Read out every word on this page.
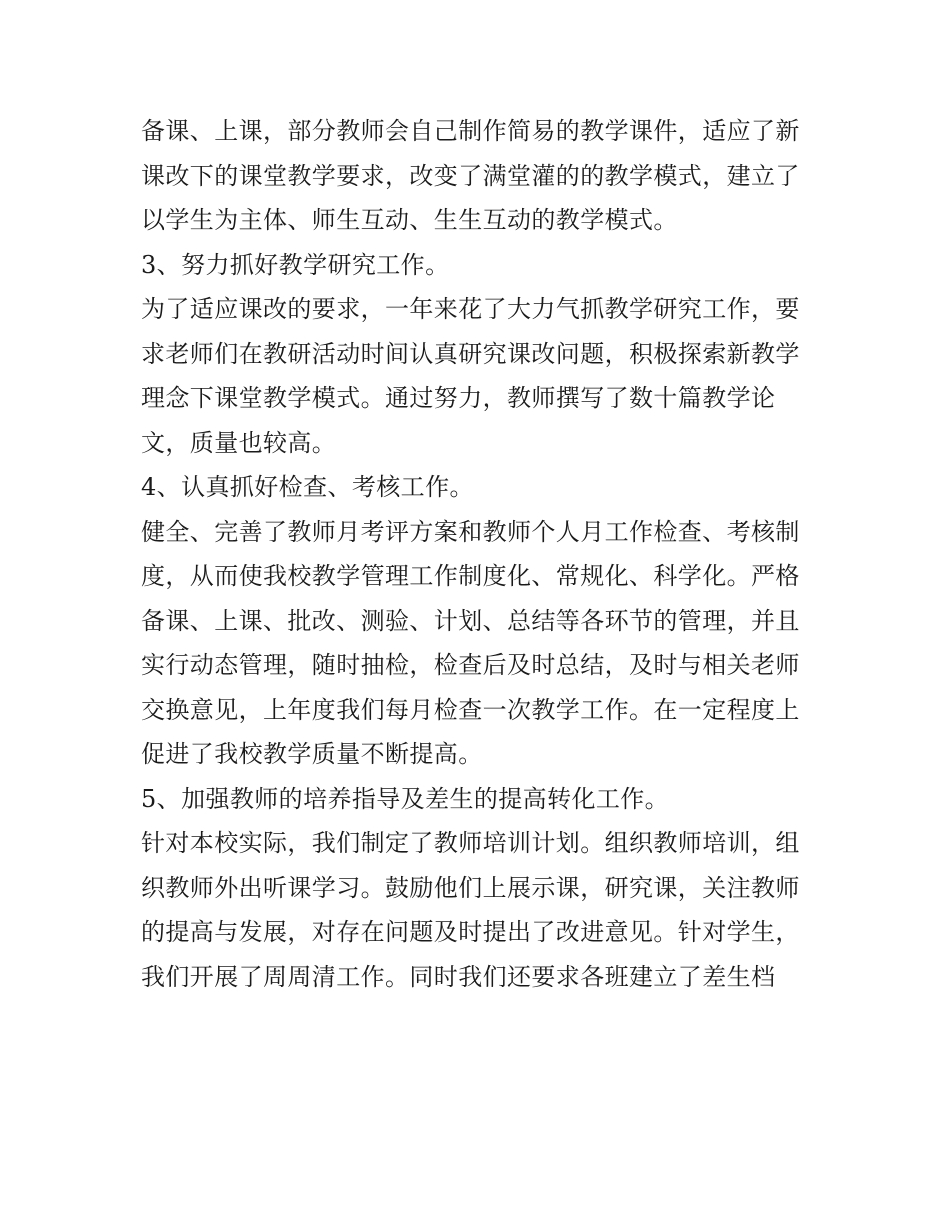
备课、上课，部分教师会自己制作简易的教学课件，适应了新
课改下的课堂教学要求，改变了满堂灌的的教学模式，建立了
以学生为主体、师生互动、生生互动的教学模式。
3、努力抓好教学研究工作。
为了适应课改的要求，一年来花了大力气抓教学研究工作，要
求老师们在教研活动时间认真研究课改问题，积极探索新教学
理念下课堂教学模式。通过努力，教师撰写了数十篇教学论
文，质量也较高。
4、认真抓好检查、考核工作。
健全、完善了教师月考评方案和教师个人月工作检查、考核制
度，从而使我校教学管理工作制度化、常规化、科学化。严格
备课、上课、批改、测验、计划、总结等各环节的管理，并且
实行动态管理，随时抽检，检查后及时总结，及时与相关老师
交换意见，上年度我们每月检查一次教学工作。在一定程度上
促进了我校教学质量不断提高。
5、加强教师的培养指导及差生的提高转化工作。
针对本校实际，我们制定了教师培训计划。组织教师培训，组
织教师外出听课学习。鼓励他们上展示课，研究课，关注教师
的提高与发展，对存在问题及时提出了改进意见。针对学生，
我们开展了周周清工作。同时我们还要求各班建立了差生档
